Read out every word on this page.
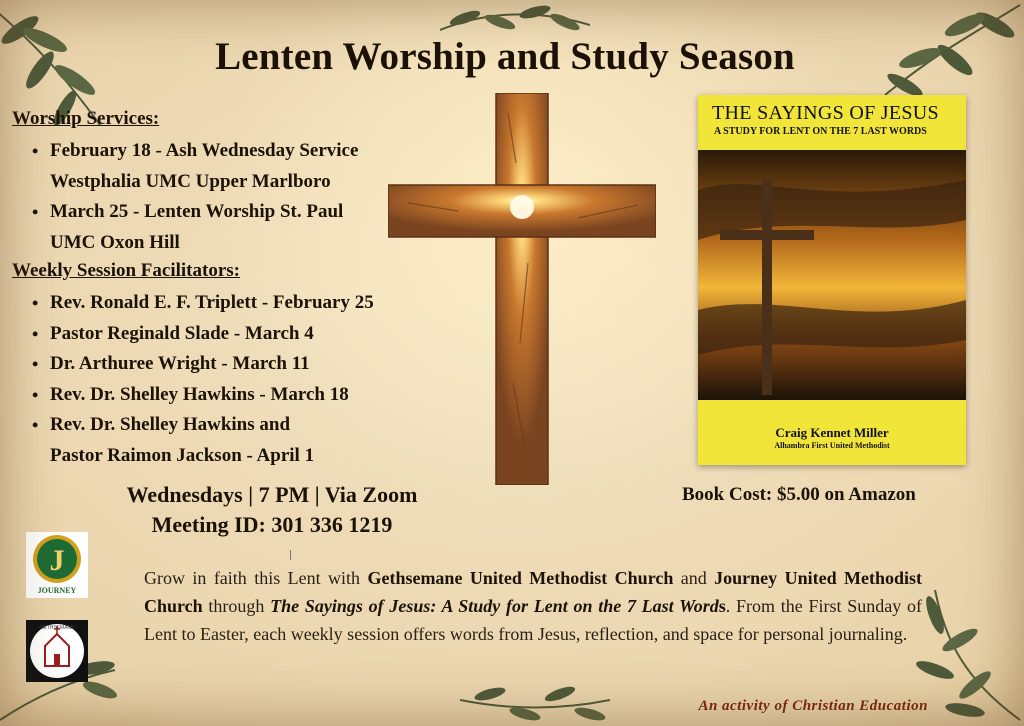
Lenten Worship and Study Season
Worship Services:
• February 18 - Ash Wednesday Service
Westphalia UMC Upper Marlboro
• March 25 - Lenten Worship St. Paul
UMC Oxon Hill
Weekly Session Facilitators:
• Rev. Ronald E. F. Triplett - February 25
• Pastor Reginald Slade - March 4
• Dr. Arthuree Wright - March 11
• Rev. Dr. Shelley Hawkins - March 18
• Rev. Dr. Shelley Hawkins and
Pastor Raimon Jackson - April 1
Wednesdays | 7 PM | Via Zoom
Meeting ID: 301 336 1219
THE SAYINGS OF JESUS
A STUDY FOR LENT ON THE 7 LAST WORDS
Craig Kennet Miller
Alhambra First United Methodist
Book Cost: $5.00 on Amazon
J
JOURNEY
GETHSEMANE
Grow in faith this Lent with Gethsemane United Methodist Church and Journey United Methodist Church through The Sayings of Jesus: A Study for Lent on the 7 Last Words. From the First Sunday of Lent to Easter, each weekly session offers words from Jesus, reflection, and space for personal journaling.
An activity of Christian Education
